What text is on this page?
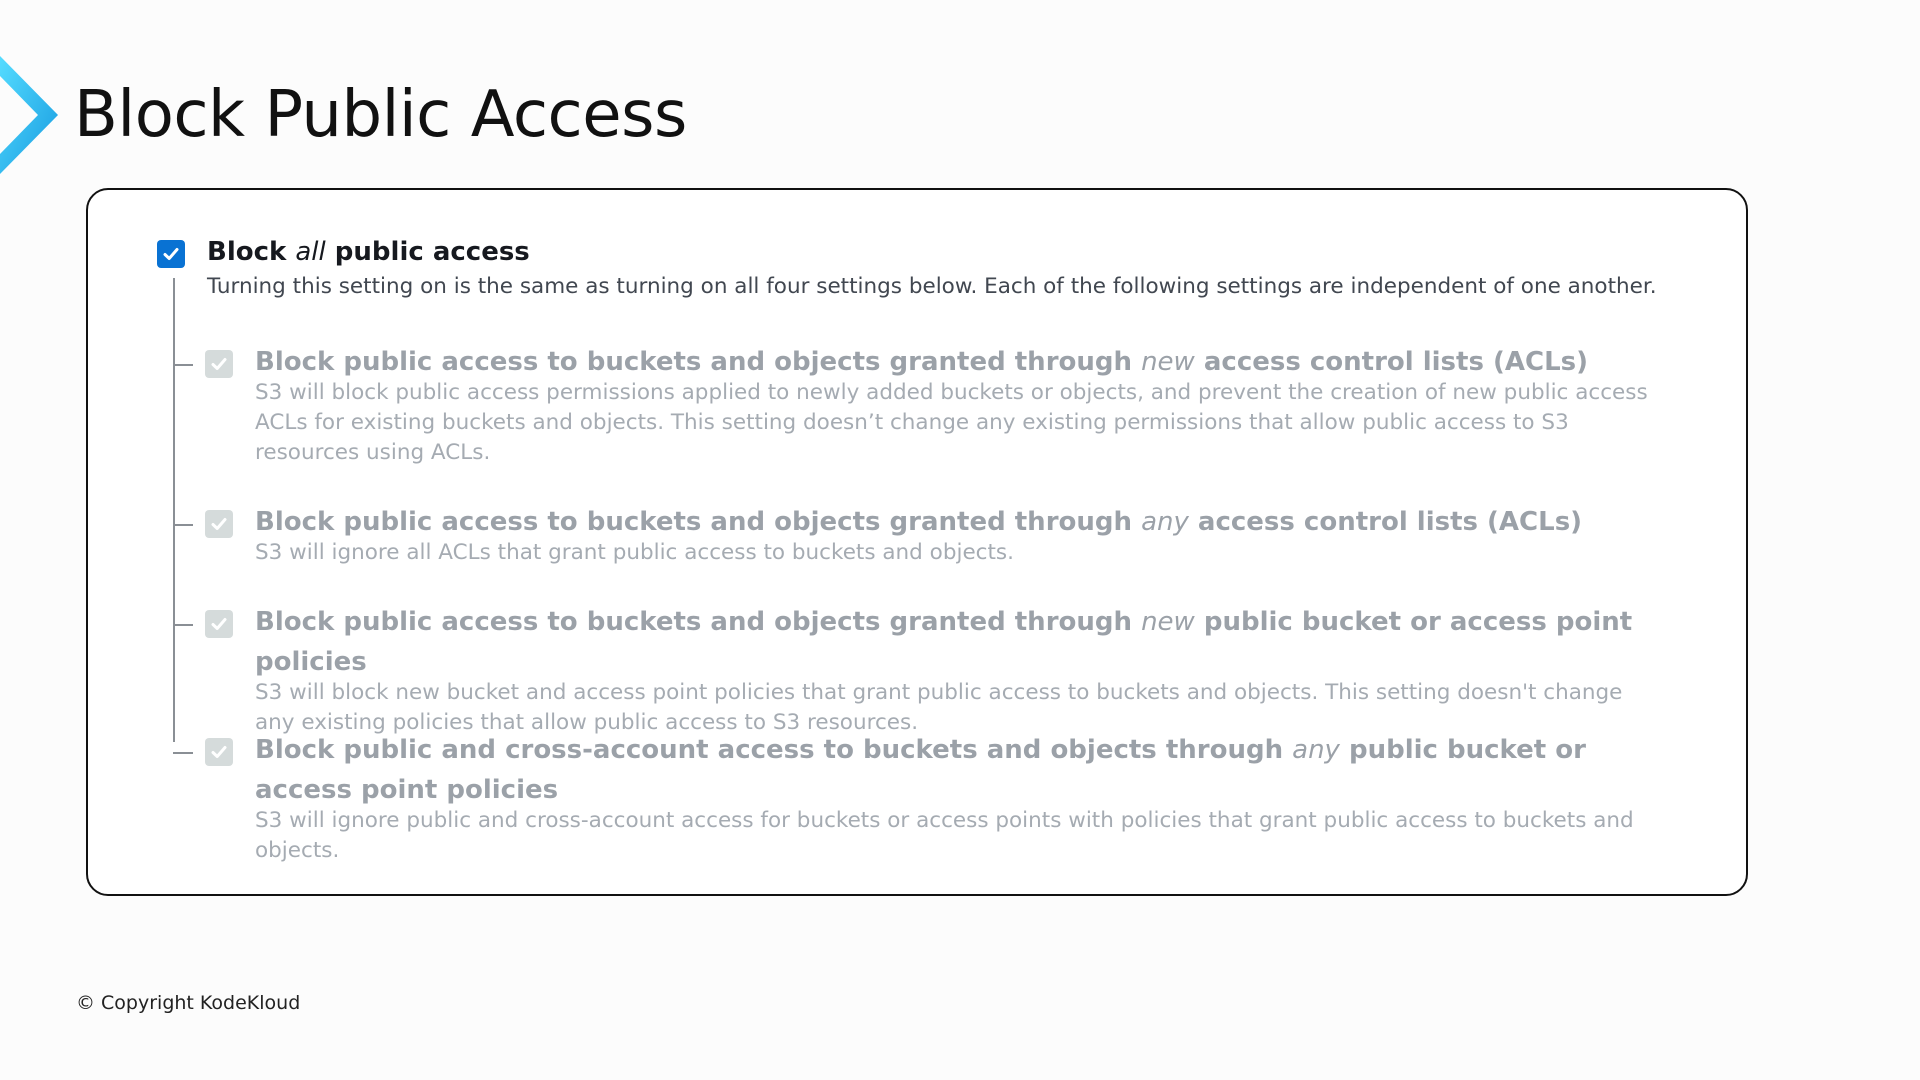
Block Public Access
Block all public access
Turning this setting on is the same as turning on all four settings below. Each of the following settings are independent of one another.
Block public access to buckets and objects granted through new access control lists (ACLs)
S3 will block public access permissions applied to newly added buckets or objects, and prevent the creation of new public access ACLs for existing buckets and objects. This setting doesn’t change any existing permissions that allow public access to S3 resources using ACLs.
Block public access to buckets and objects granted through any access control lists (ACLs)
S3 will ignore all ACLs that grant public access to buckets and objects.
Block public access to buckets and objects granted through new public bucket or access point policies
S3 will block new bucket and access point policies that grant public access to buckets and objects. This setting doesn't change any existing policies that allow public access to S3 resources.
Block public and cross-account access to buckets and objects through any public bucket or access point policies
S3 will ignore public and cross-account access for buckets or access points with policies that grant public access to buckets and objects.
© Copyright KodeKloud
